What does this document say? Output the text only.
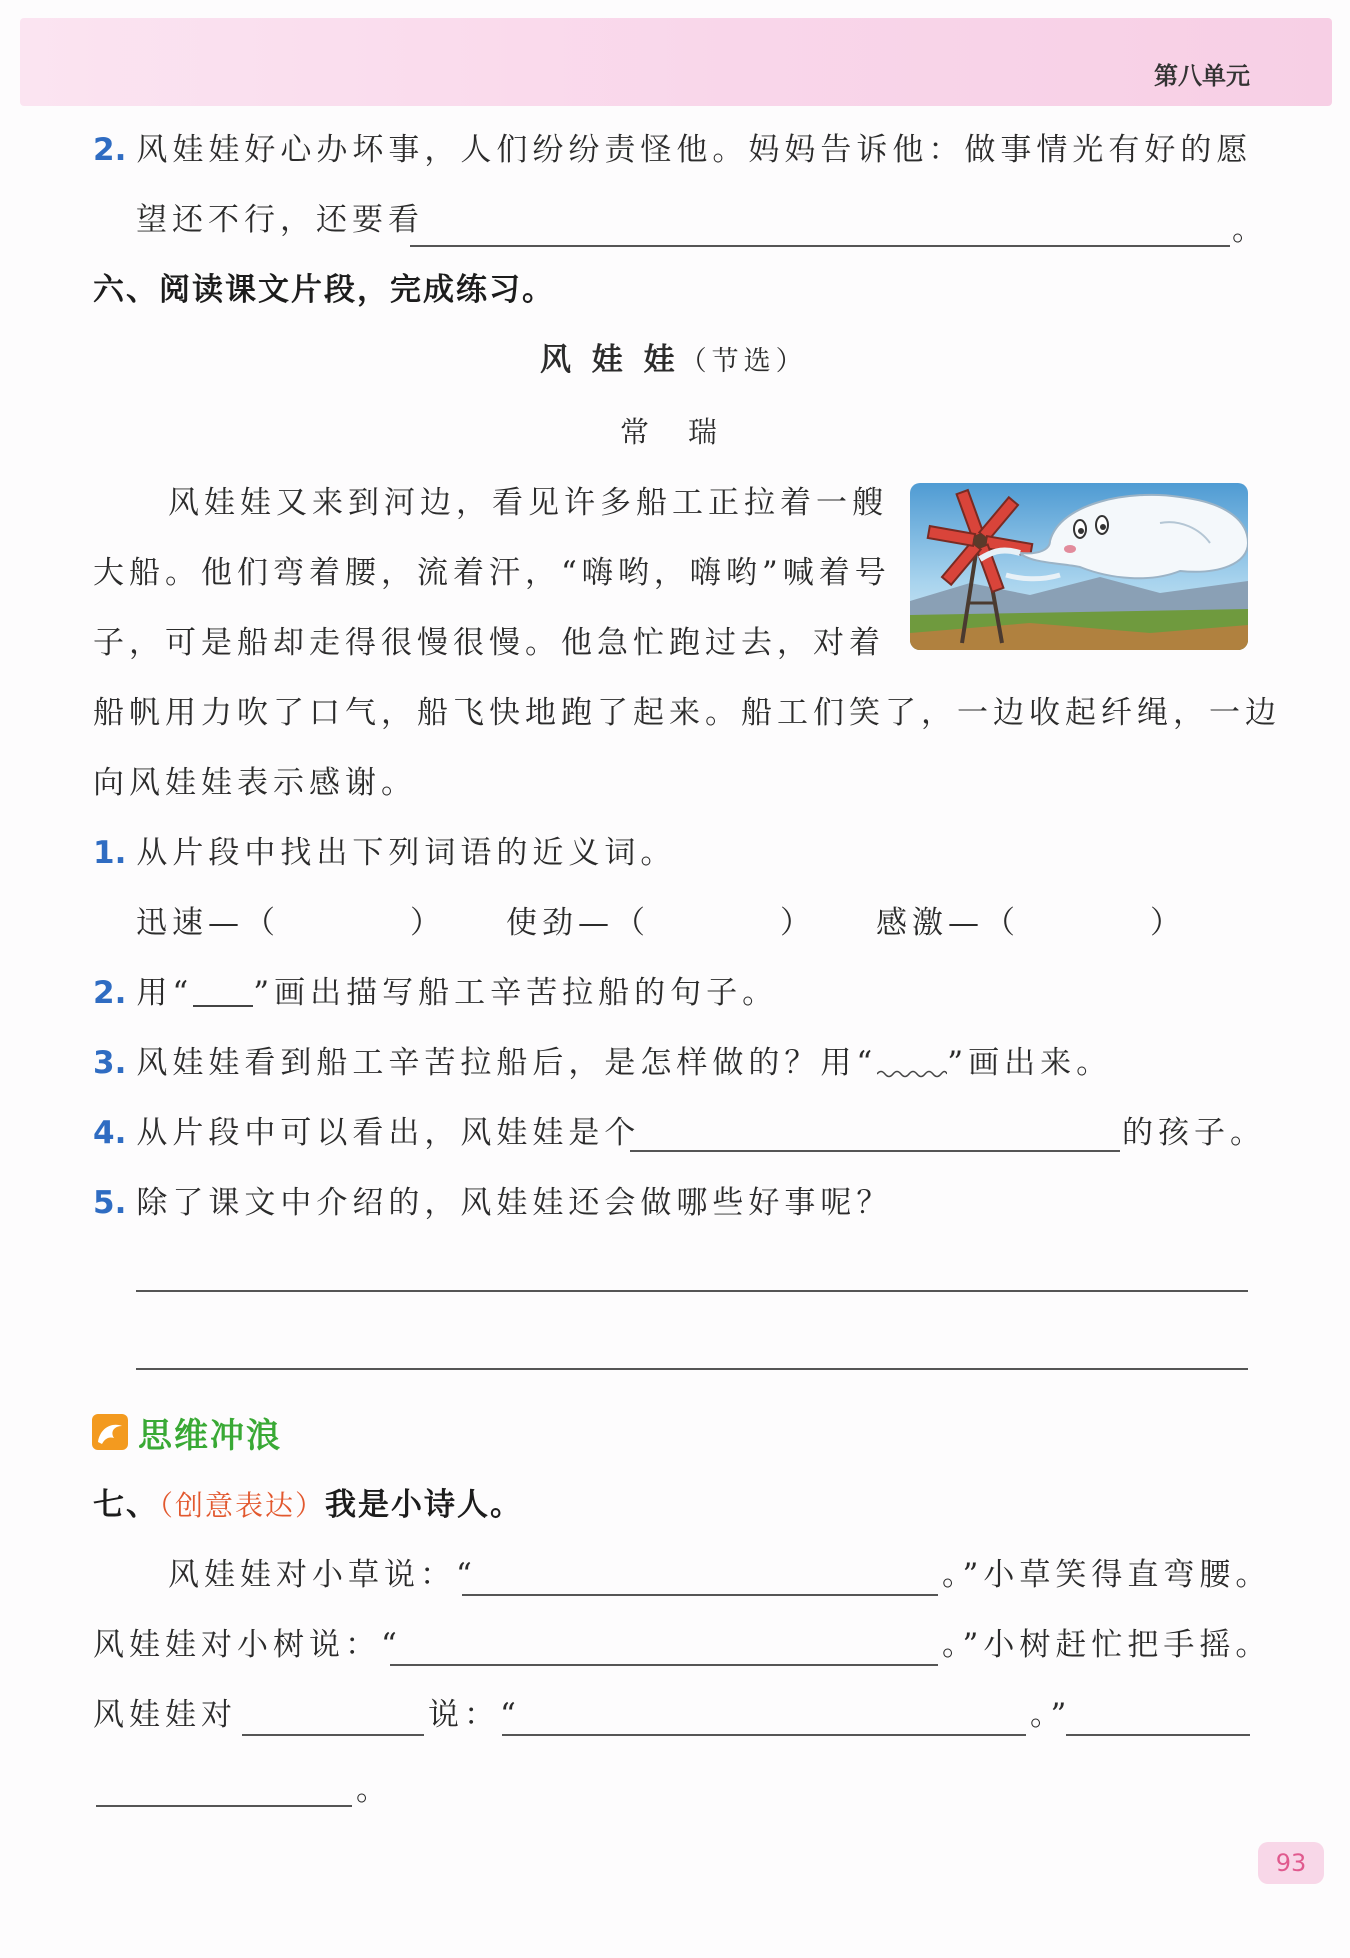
第八单元
2. 风娃娃好心办坏事，人们纷纷责怪他。妈妈告诉他：做事情光有好的愿
望还不行，还要看	。
六、阅读课文片段，完成练习。
风 娃 娃（节选）
常　瑞
风娃娃又来到河边，看见许多船工正拉着一艘
大船。他们弯着腰，流着汗，“嗨哟，嗨哟”喊着号
子，可是船却走得很慢很慢。他急忙跑过去，对着
船帆用力吹了口气，船飞快地跑了起来。船工们笑了，一边收起纤绳，一边
向风娃娃表示感谢。
1. 从片段中找出下列词语的近义词。
迅速—（	） 使劲—（	） 感激—（	）
2. 用“ ”画出描写船工辛苦拉船的句子。
3. 风娃娃看到船工辛苦拉船后，是怎样做的？用“ ”画出来。
4. 从片段中可以看出，风娃娃是个	的孩子。
5. 除了课文中介绍的，风娃娃还会做哪些好事呢？
思维冲浪
七、（创意表达）我是小诗人。
风娃娃对小草说：“	。”小草笑得直弯腰。
风娃娃对小树说：“	。”小树赶忙把手摇。
风娃娃对	说：“	。”
。
93
